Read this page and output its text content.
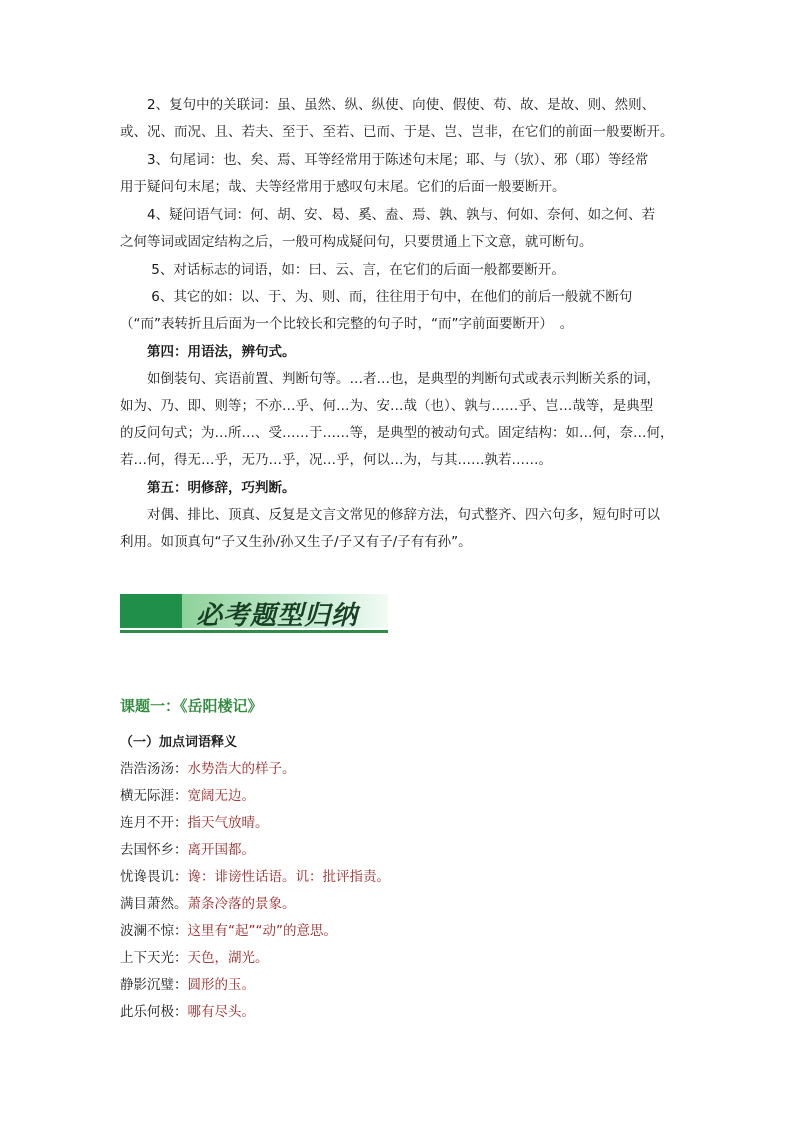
　　2、复句中的关联词：虽、虽然、纵、纵使、向使、假使、苟、故、是故、则、然则、
或、况、而况、且、若夫、至于、至若、已而、于是、岂、岂非，在它们的前面一般要断开。
　　3、句尾词：也、矣、焉、耳等经常用于陈述句末尾；耶、与（欤）、邪（耶）等经常
用于疑问句末尾；哉、夫等经常用于感叹句末尾。它们的后面一般要断开。
　　4、疑问语气词：何、胡、安、曷、奚、盍、焉、孰、孰与、何如、奈何、如之何、若
之何等词或固定结构之后，一般可构成疑问句，只要贯通上下文意，就可断句。
　　 5、对话标志的词语，如：曰、云、言，在它们的后面一般都要断开。
　　 6、其它的如：以、于、为、则、而，往往用于句中，在他们的前后一般就不断句
（“而”表转折且后面为一个比较长和完整的句子时，“而”字前面要断开）　。
　　第四：用语法，辨句式。
　　如倒装句、宾语前置、判断句等。…者…也，是典型的判断句式或表示判断关系的词，
如为、乃、即、则等；不亦…乎、何…为、安…哉（也）、孰与……乎、岂…哉等，是典型
的反问句式；为…所…、受……于……等，是典型的被动句式。固定结构：如…何，奈…何，
若…何，得无…乎，无乃…乎，况…乎，何以…为，与其……孰若……。
　　第五：明修辞，巧判断。
　　对偶、排比、顶真、反复是文言文常见的修辞方法，句式整齐、四六句多，短句时可以
利用。如顶真句“子又生孙/孙又生子/子又有子/子有有孙”。
必考题型归纳
课题一：《岳阳楼记》
（一）加点词语释义
浩浩汤汤：水势浩大的样子。
横无际涯：宽阔无边。
连月不开：指天气放晴。
去国怀乡：离开国都。
忧谗畏讥：谗：诽谤性话语。讥：批评指责。
满目萧然。萧条冷落的景象。
波澜不惊：这里有“起”“动”的意思。
上下天光：天色，湖光。
静影沉璧：圆形的玉。
此乐何极：哪有尽头。
